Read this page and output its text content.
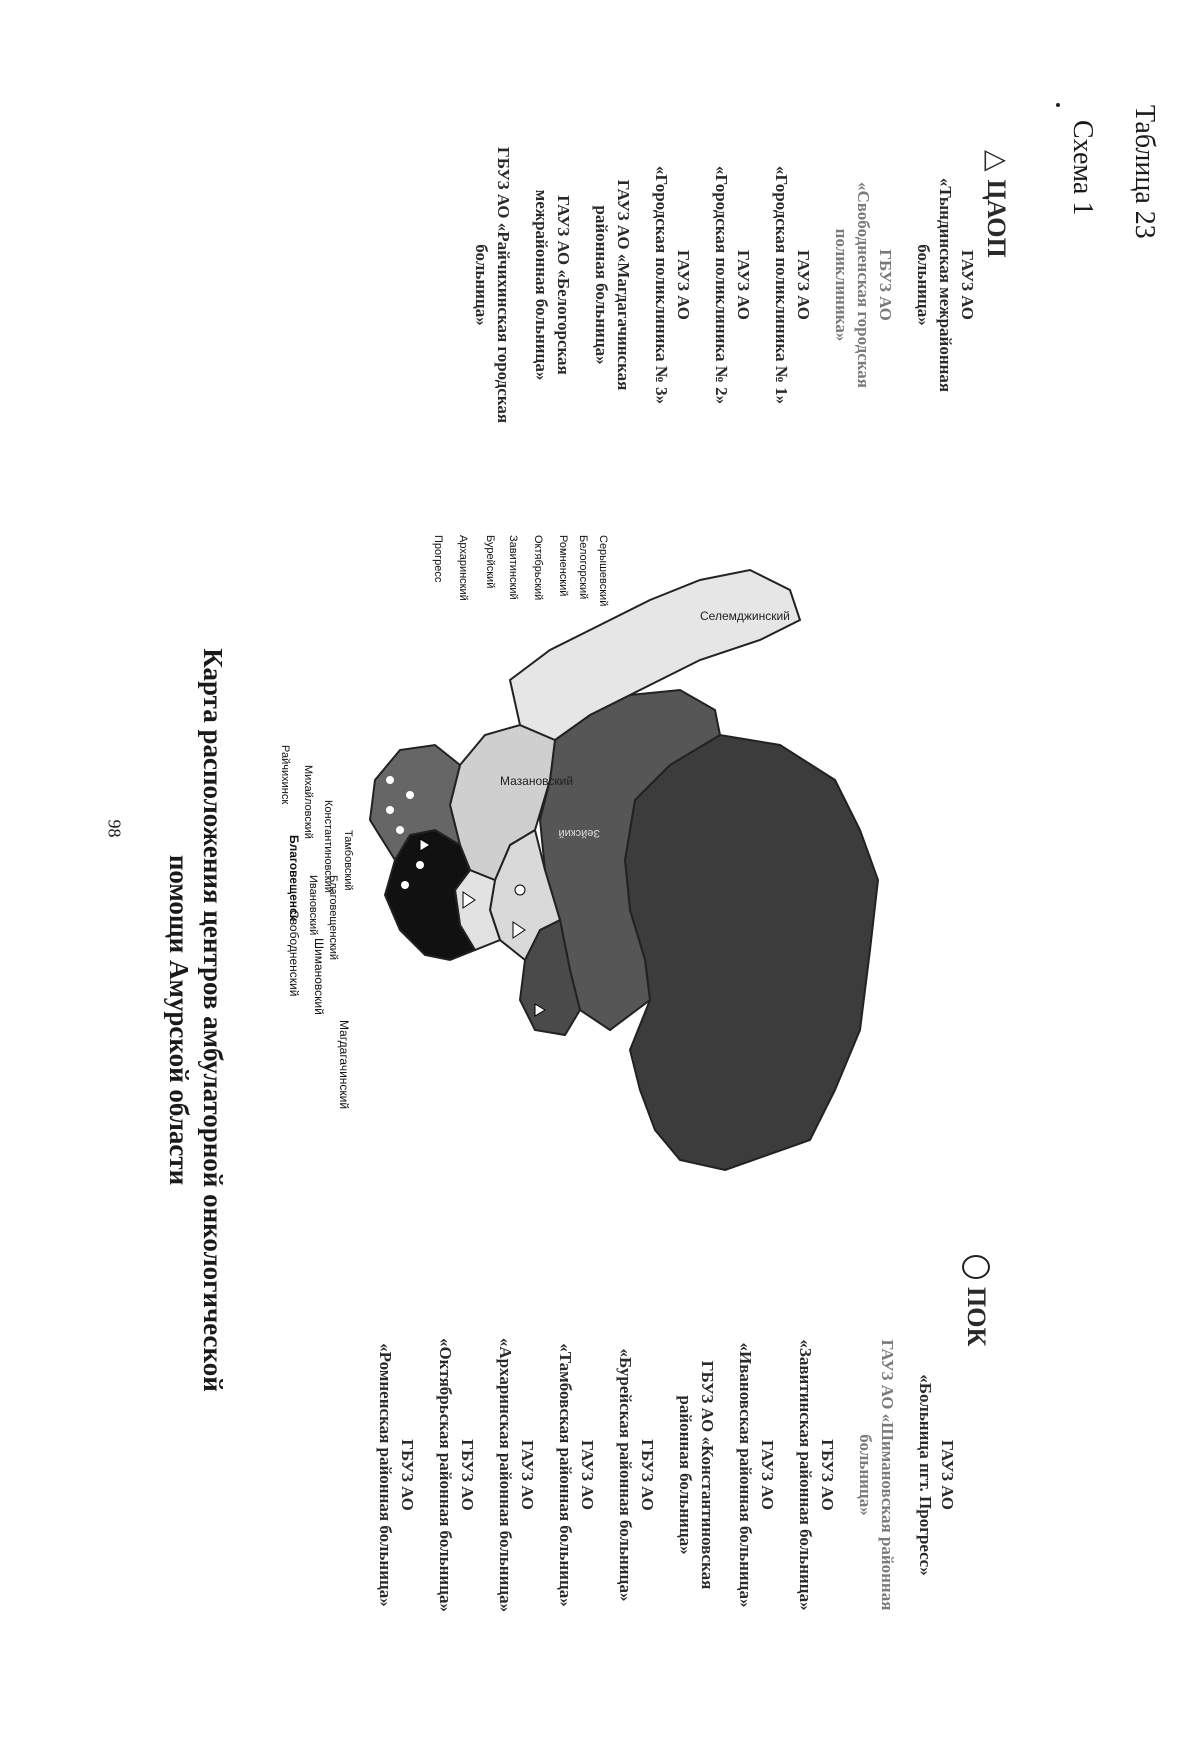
98
Схема 1 Таблица 23
Карта расположения центров амбулаторной онкологической
помощи Амурской области
ПОК
ГАУЗ АО
«Больница пгт. Прогресс»
ГАУЗ АО «Шимановская районная
больница»
ГБУЗ АО
«Завитинская районная больница»
ГАУЗ АО
«Ивановская районная больница»
ГБУЗ АО «Константиновская
районная больница»
ГБУЗ АО
«Бурейская районная больница»
ГАУЗ АО
«Тамбовская районная больница»
ГАУЗ АО
«Архаринская районная больница»
ГБУЗ АО
«Октябрьская районная больница»
ГБУЗ АО
«Ромненская районная больница»
△
ЦАОП
ГАУЗ АО
«Тындинская межрайонная
больница»
ГБУЗ АО
«Свободненская городская
поликлиника»
ГАУЗ АО
«Городская поликлиника № 1»
ГАУЗ АО
«Городская поликлиника № 2»
ГАУЗ АО
«Городская поликлиника № 3»
ГАУЗ АО «Магдагачинская
районная больница»
ГАУЗ АО «Белогорская
межрайонная больница»
ГБУЗ АО «Райчихинская городская
больница»
Зейский
Селемджинский
Мазановский
Магдагачинский
Шимановский
Свободненский Благовещенский
Ивановский
Благовещенск	Тамбовский
Константиновский
Михайловский
Райчихинск
Серышевский
Белогорский
Ромненский
Октябрьский
Завитинский
Бурейский
Архаринский
Прогресс
